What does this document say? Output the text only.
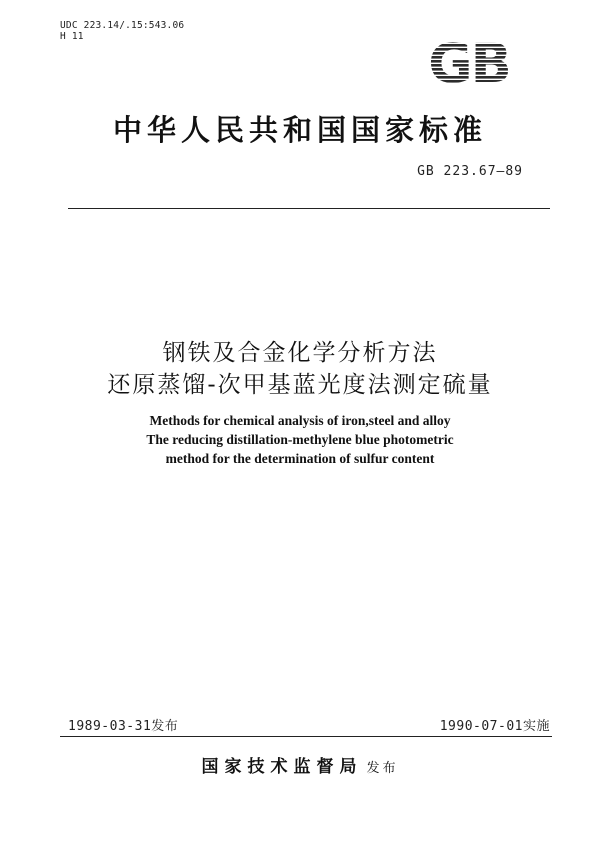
UDC 223.14/.15:543.06
H 11	GB
中华人民共和国国家标准
GB 223.67—89
钢铁及合金化学分析方法
还原蒸馏-次甲基蓝光度法测定硫量
Methods for chemical analysis of iron,steel and alloy
The reducing distillation-methylene blue photometric
method for the determination of sulfur content
1989-03-31发布	1990-07-01实施
国家技术监督局 发布
